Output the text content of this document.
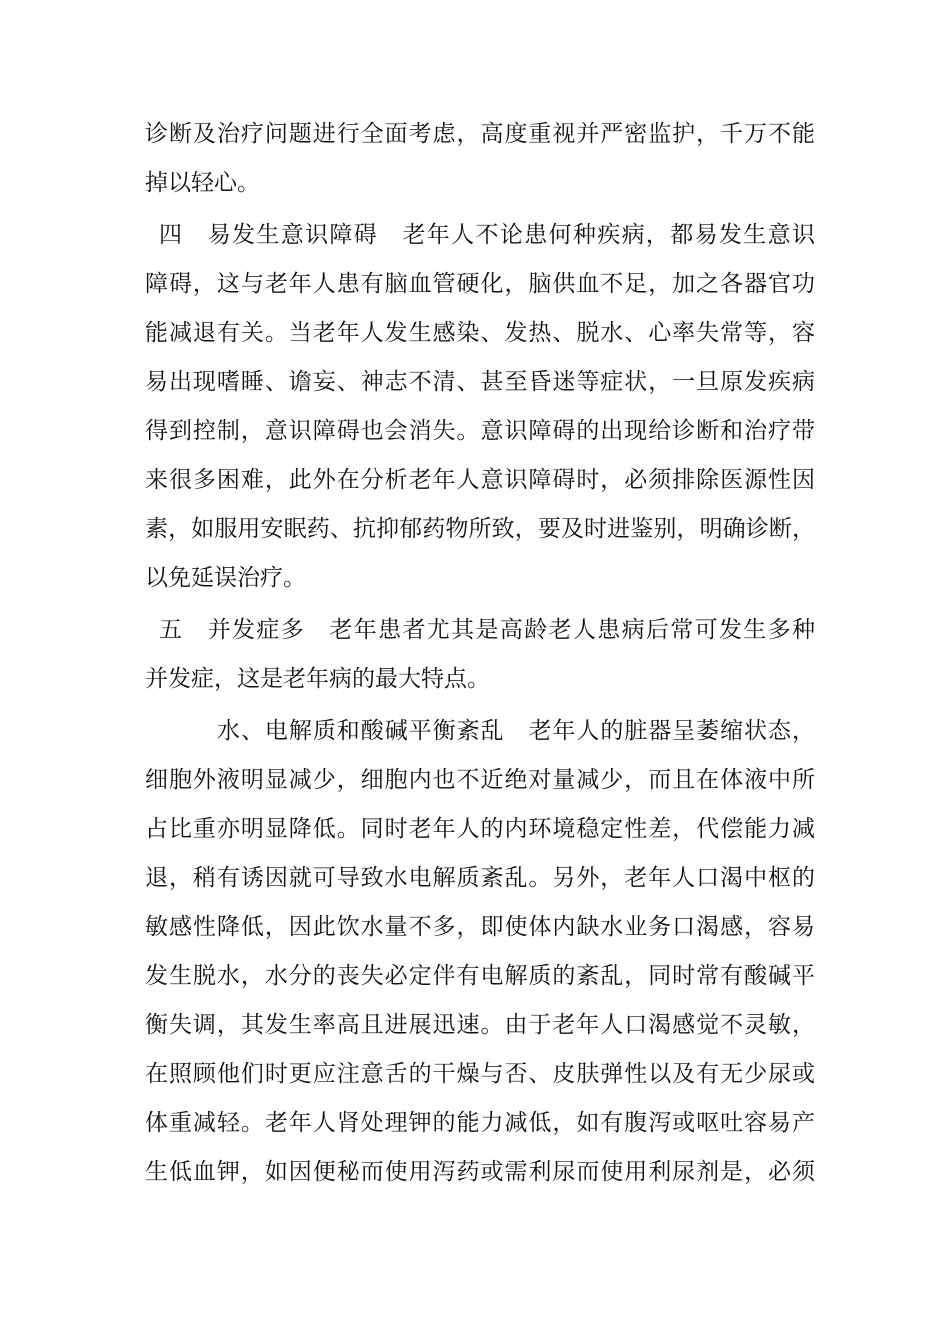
诊断及治疗问题进行全面考虑，高度重视并严密监护，千万不能
掉以轻心。
四　易发生意识障碍　老年人不论患何种疾病，都易发生意识
障碍，这与老年人患有脑血管硬化，脑供血不足，加之各器官功
能减退有关。当老年人发生感染、发热、脱水、心率失常等，容
易出现嗜睡、谵妄、神志不清、甚至昏迷等症状，一旦原发疾病
得到控制，意识障碍也会消失。意识障碍的出现给诊断和治疗带
来很多困难，此外在分析老年人意识障碍时，必须排除医源性因
素，如服用安眠药、抗抑郁药物所致，要及时进鉴别，明确诊断，
以免延误治疗。
五　并发症多　老年患者尤其是高龄老人患病后常可发生多种
并发症，这是老年病的最大特点。
水、电解质和酸碱平衡紊乱　老年人的脏器呈萎缩状态，
细胞外液明显减少，细胞内也不近绝对量减少，而且在体液中所
占比重亦明显降低。同时老年人的内环境稳定性差，代偿能力减
退，稍有诱因就可导致水电解质紊乱。另外，老年人口渴中枢的
敏感性降低，因此饮水量不多，即使体内缺水业务口渴感，容易
发生脱水，水分的丧失必定伴有电解质的紊乱，同时常有酸碱平
衡失调，其发生率高且进展迅速。由于老年人口渴感觉不灵敏，
在照顾他们时更应注意舌的干燥与否、皮肤弹性以及有无少尿或
体重减轻。老年人肾处理钾的能力减低，如有腹泻或呕吐容易产
生低血钾，如因便秘而使用泻药或需利尿而使用利尿剂是，必须
